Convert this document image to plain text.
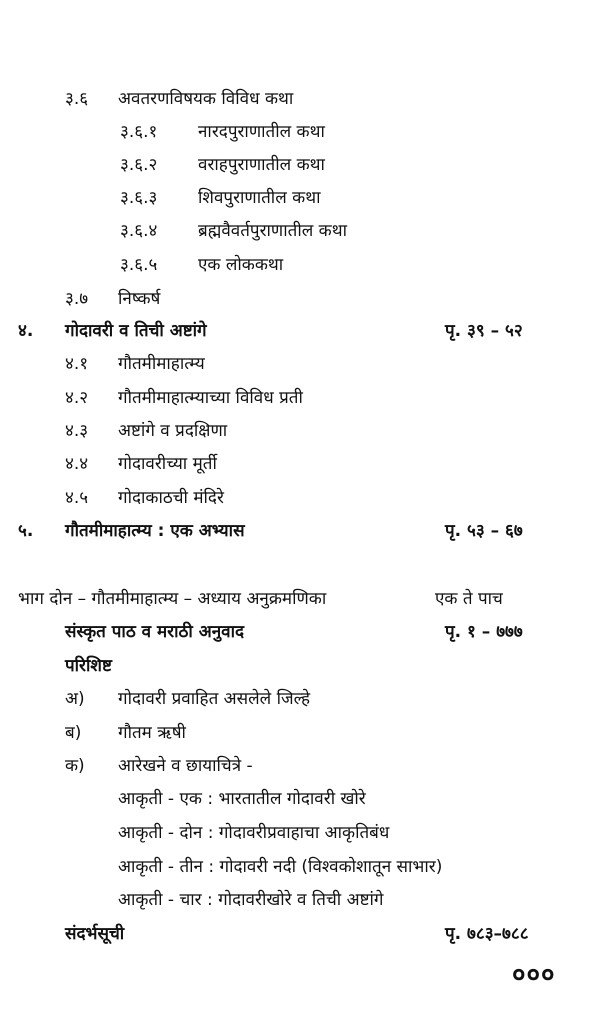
३.६ अवतरणविषयक विविध कथा
३.६.१ नारदपुराणातील कथा
३.६.२ वराहपुराणातील कथा
३.६.३ शिवपुराणातील कथा
३.६.४ ब्रह्मवैवर्तपुराणातील कथा
३.६.५ एक लोककथा
३.७ निष्कर्ष
४. गोदावरी व तिची अष्टांगे	पृ. ३९ – ५२
४.१ गौतमीमाहात्म्य
४.२ गौतमीमाहात्म्याच्या विविध प्रती
४.३ अष्टांगे व प्रदक्षिणा
४.४ गोदावरीच्या मूर्ती
४.५ गोदाकाठची मंदिरे
५. गौतमीमाहात्म्य : एक अभ्यास	पृ. ५३ – ६७
भाग दोन – गौतमीमाहात्म्य – अध्याय अनुक्रमणिका	एक ते पाच
संस्कृत पाठ व मराठी अनुवाद	पृ. १ – ७७७
परिशिष्ट
अ) गोदावरी प्रवाहित असलेले जिल्हे
ब) गौतम ऋषी
क) आरेखने व छायाचित्रे -
आकृती - एक : भारतातील गोदावरी खोरे
आकृती - दोन : गोदावरीप्रवाहाचा आकृतिबंध
आकृती - तीन : गोदावरी नदी (विश्वकोशातून साभार)
आकृती - चार : गोदावरीखोरे व तिची अष्टांगे
संदर्भसूची	पृ. ७८३–७८८
०००
